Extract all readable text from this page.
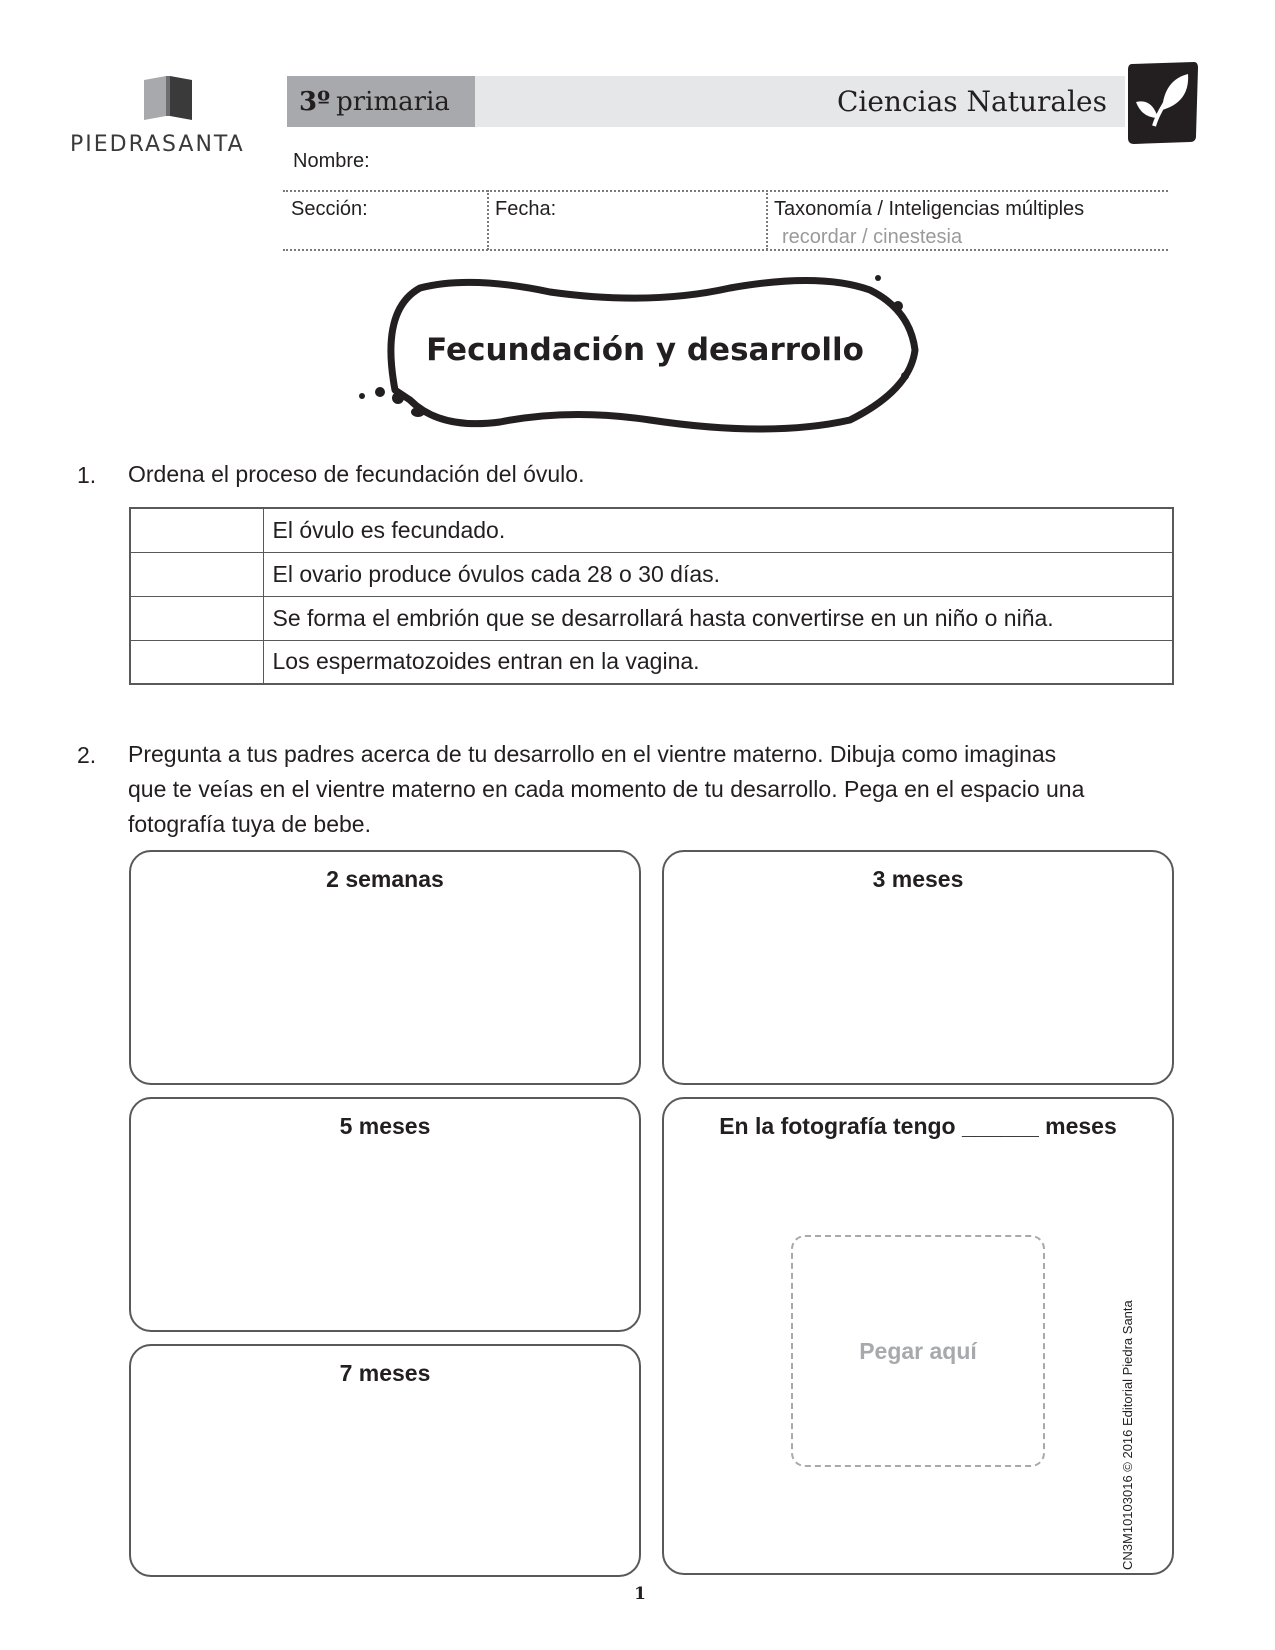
PIEDRASANTA
3º primaria	Ciencias Naturales
Nombre:
Sección:	Fecha:	Taxonomía / Inteligencias múltiples
recordar / cinestesia
Fecundación y desarrollo
1. Ordena el proceso de fecundación del óvulo.
	El óvulo es fecundado.
	El ovario produce óvulos cada 28 o 30 días.
	Se forma el embrión que se desarrollará hasta convertirse en un niño o niña.
	Los espermatozoides entran en la vagina.
2. Pregunta a tus padres acerca de tu desarrollo en el vientre materno. Dibuja como imaginas
que te veías en el vientre materno en cada momento de tu desarrollo. Pega en el espacio una
fotografía tuya de bebe.
2 semanas	3 meses
5 meses
7 meses
En la fotografía tengo ______ meses
Pegar aquí
1
CN3M10103016 © 2016 Editorial Piedra Santa
